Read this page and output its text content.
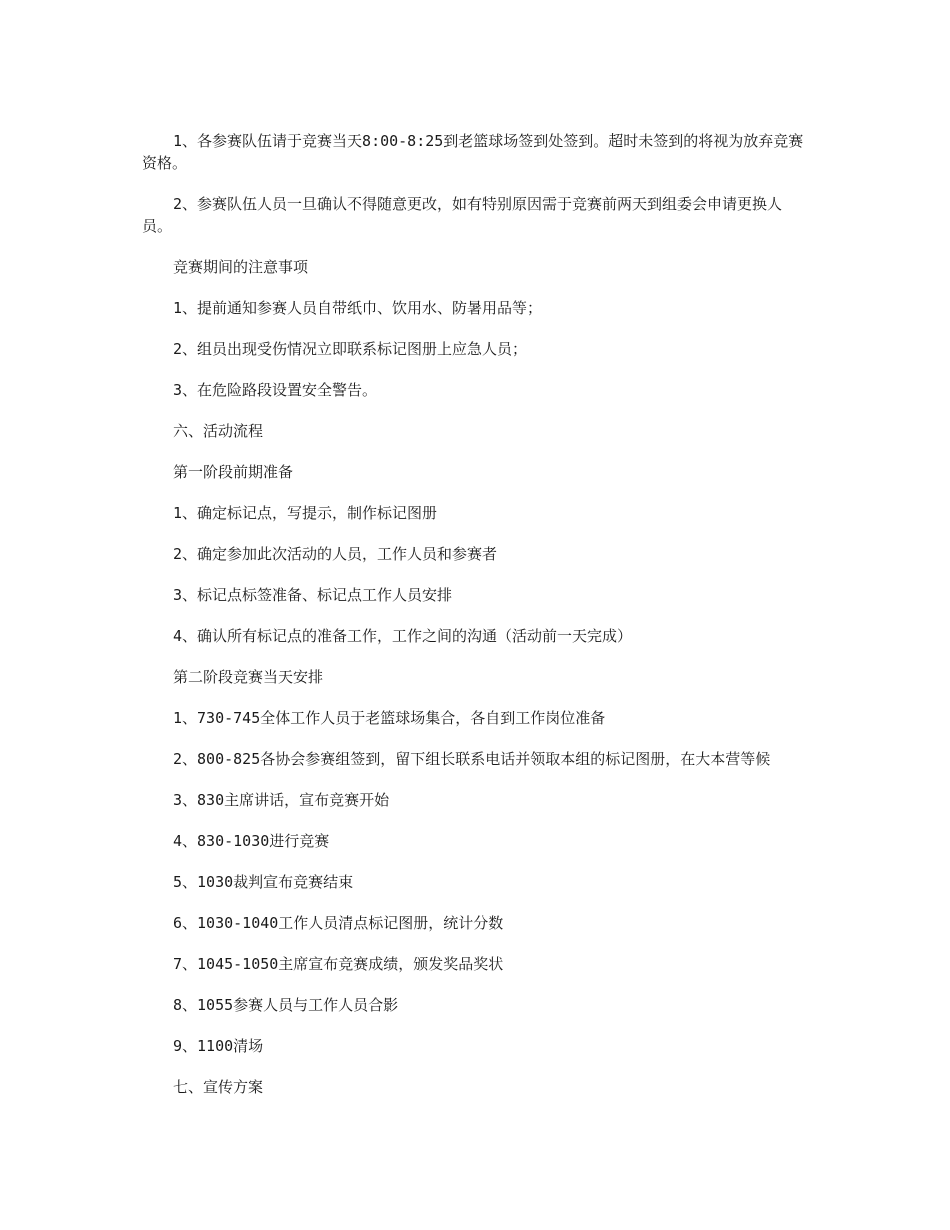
1、各参赛队伍请于竞赛当天8:00-8:25到老篮球场签到处签到。超时未签到的将视为放弃竞赛资格。

2、参赛队伍人员一旦确认不得随意更改，如有特别原因需于竞赛前两天到组委会申请更换人员。

竞赛期间的注意事项

1、提前通知参赛人员自带纸巾、饮用水、防暑用品等；

2、组员出现受伤情况立即联系标记图册上应急人员；

3、在危险路段设置安全警告。

六、活动流程

第一阶段前期准备

1、确定标记点，写提示，制作标记图册

2、确定参加此次活动的人员，工作人员和参赛者

3、标记点标签准备、标记点工作人员安排

4、确认所有标记点的准备工作，工作之间的沟通（活动前一天完成）

第二阶段竞赛当天安排

1、730-745全体工作人员于老篮球场集合，各自到工作岗位准备

2、800-825各协会参赛组签到，留下组长联系电话并领取本组的标记图册，在大本营等候

3、830主席讲话，宣布竞赛开始

4、830-1030进行竞赛

5、1030裁判宣布竞赛结束

6、1030-1040工作人员清点标记图册，统计分数

7、1045-1050主席宣布竞赛成绩，颁发奖品奖状

8、1055参赛人员与工作人员合影

9、1100清场

七、宣传方案
